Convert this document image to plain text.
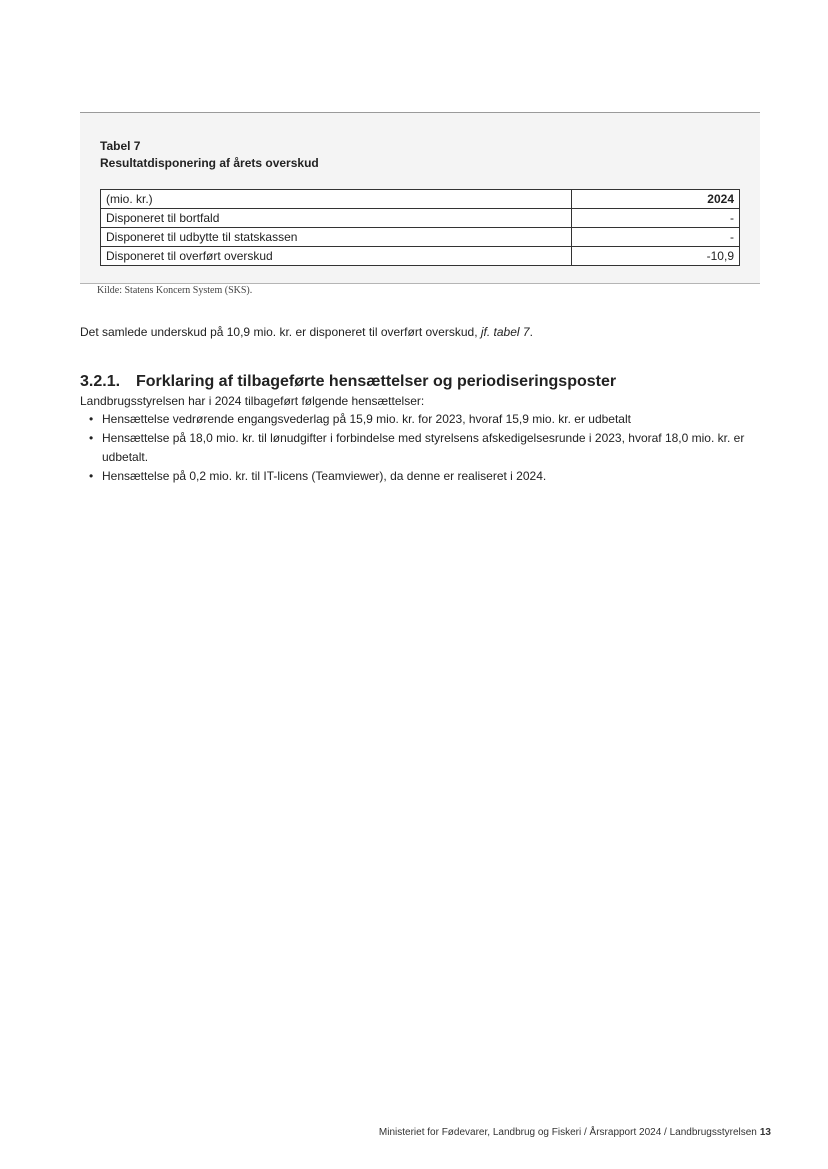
Tabel 7
Resultatdisponering af årets overskud
(mio. kr.)	2024
Disponeret til bortfald	-
Disponeret til udbytte til statskassen	-
Disponeret til overført overskud	-10,9
Kilde: Statens Koncern System (SKS).
Det samlede underskud på 10,9 mio. kr. er disponeret til overført overskud, jf. tabel 7.
3.2.1. Forklaring af tilbageførte hensættelser og periodiseringsposter
Landbrugsstyrelsen har i 2024 tilbageført følgende hensættelser:
• Hensættelse vedrørende engangsvederlag på 15,9 mio. kr. for 2023, hvoraf 15,9 mio. kr. er udbetalt
• Hensættelse på 18,0 mio. kr. til lønudgifter i forbindelse med styrelsens afskedigelsesrunde i 2023, hvoraf 18,0 mio. kr. er udbetalt.
• Hensættelse på 0,2 mio. kr. til IT-licens (Teamviewer), da denne er realiseret i 2024.
Ministeriet for Fødevarer, Landbrug og Fiskeri / Årsrapport 2024 / Landbrugsstyrelsen 13
